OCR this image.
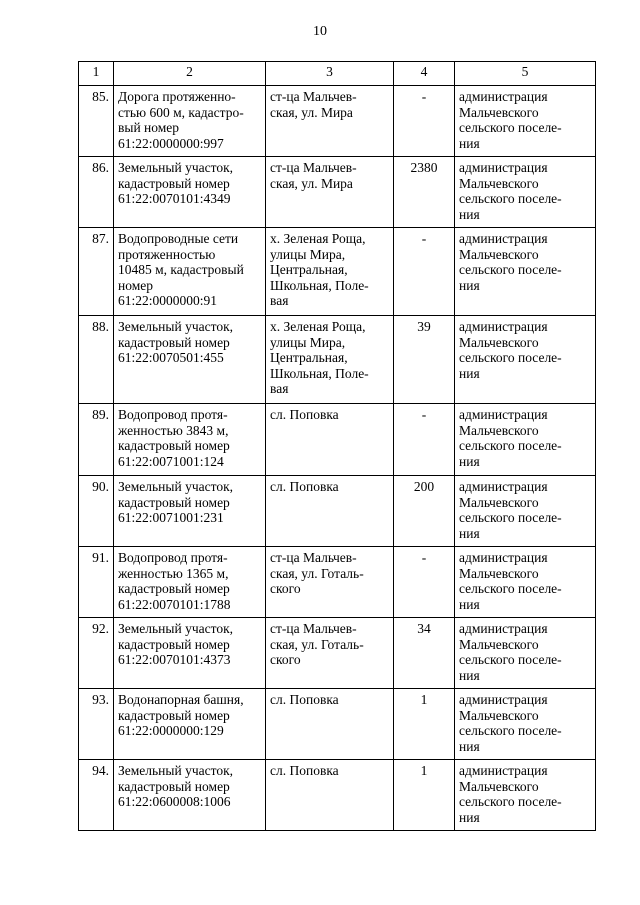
10
1	2	3	4	5
85.	Дорога протяженно-
стью 600 м, кадастро-
вый номер
61:22:0000000:997	ст-ца Мальчев-
ская, ул. Мира	-	администрация
Мальчевского
сельского поселе-
ния

86.	Земельный участок,
кадастровый номер
61:22:0070101:4349	ст-ца Мальчев-
ская, ул. Мира	2380	администрация
Мальчевского
сельского поселе-
ния

87.	Водопроводные сети
протяженностью
10485 м, кадастровый
номер
61:22:0000000:91	х. Зеленая Роща,
улицы Мира,
Центральная,
Школьная, Поле-
вая	-	администрация
Мальчевского
сельского поселе-
ния

88.	Земельный участок,
кадастровый номер
61:22:0070501:455	х. Зеленая Роща,
улицы Мира,
Центральная,
Школьная, Поле-
вая	39	администрация
Мальчевского
сельского поселе-
ния

89.	Водопровод протя-
женностью 3843 м,
кадастровый номер
61:22:0071001:124	сл. Поповка	-	администрация
Мальчевского
сельского поселе-
ния

90.	Земельный участок,
кадастровый номер
61:22:0071001:231	сл. Поповка	200	администрация
Мальчевского
сельского поселе-
ния

91.	Водопровод протя-
женностью 1365 м,
кадастровый номер
61:22:0070101:1788	ст-ца Мальчев-
ская, ул. Готаль-
ского	-	администрация
Мальчевского
сельского поселе-
ния

92.	Земельный участок,
кадастровый номер
61:22:0070101:4373	ст-ца Мальчев-
ская, ул. Готаль-
ского	34	администрация
Мальчевского
сельского поселе-
ния

93.	Водонапорная башня,
кадастровый номер
61:22:0000000:129	сл. Поповка	1	администрация
Мальчевского
сельского поселе-
ния

94.	Земельный участок,
кадастровый номер
61:22:0600008:1006	сл. Поповка	1	администрация
Мальчевского
сельского поселе-
ния
